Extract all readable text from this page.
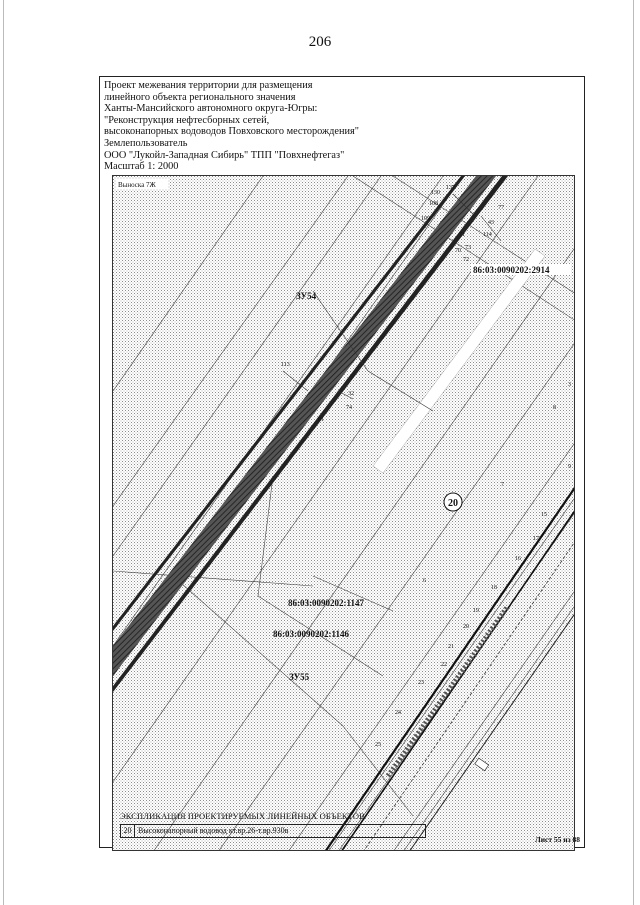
206
Проект межевания территории для размещения
линейного объекта регионального значения
Ханты-Мансийского автономного округа-Югры:
"Реконструкция нефтесборных сетей,
высоконапорных водоводов Повховского месторождения"
Землепользователь
ООО "Лукойл-Западная Сибирь" ТПП "Повхнефтегаз"
Масштаб 1: 2000
Выноска 7Ж
86:03:0090202:2914
86:03:0090202:1147
86:03:0090202:1146
ЗУ54
ЗУ55
20
130
137
108
109
77
43
114
73
72
71
70
113
32
74
81
8
9
7
15
6
17
16
18
19
20
21
22
23
24
25
3
ЭКСПЛИКАЦИЯ ПРОЕКТИРУЕМЫХ ЛИНЕЙНЫХ ОБЪЕКТОВ
20 Высоконапорный водовод кт.вр.26-т.вр.930в
Лист 55 из 88
